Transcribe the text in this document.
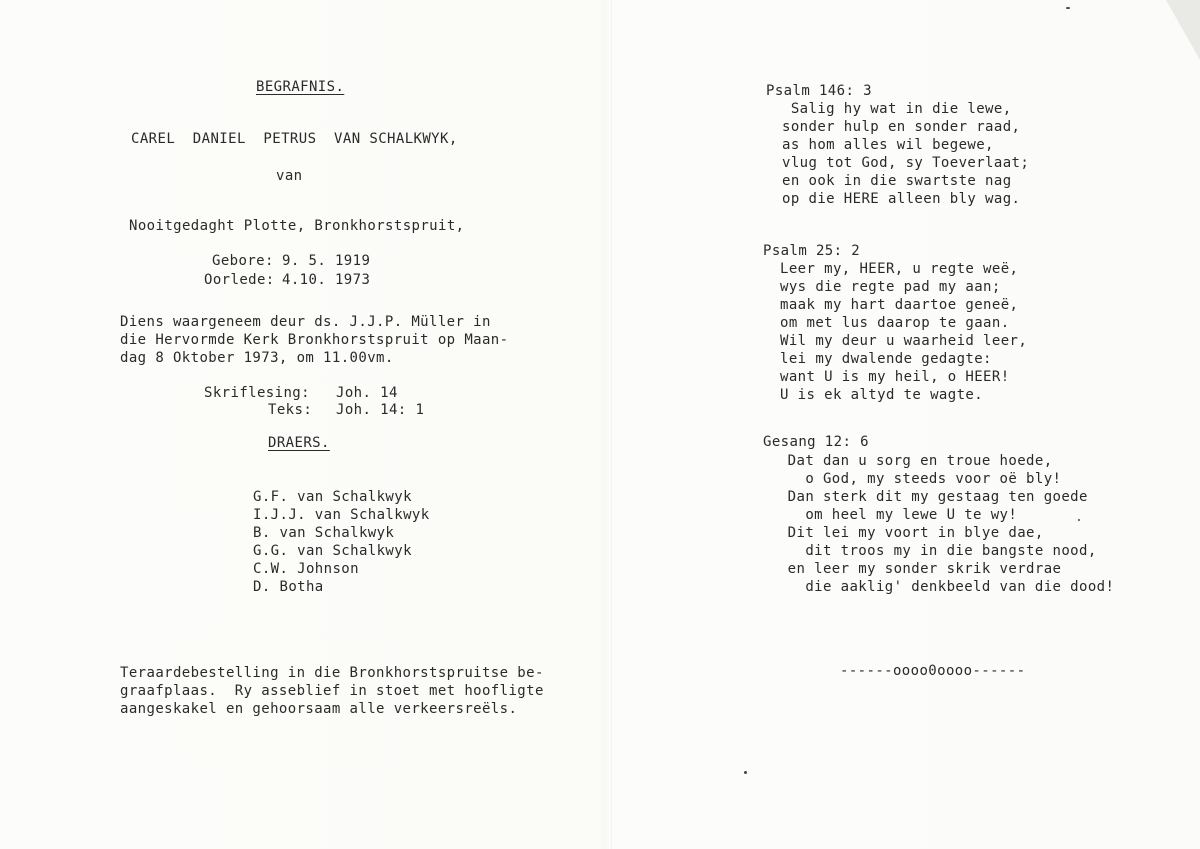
BEGRAFNIS.
CAREL  DANIEL  PETRUS  VAN SCHALKWYK,
van
Nooitgedaght Plotte, Bronkhorstspruit,
Gebore: 9. 5. 1919
Oorlede: 4.10. 1973
Diens waargeneem deur ds. J.J.P. Müller in
die Hervormde Kerk Bronkhorstspruit op Maan-
dag 8 Oktober 1973, om 11.00vm.
Skriflesing: Joh. 14
Teks: Joh. 14: 1
DRAERS.
G.F. van Schalkwyk
I.J.J. van Schalkwyk
B. van Schalkwyk
G.G. van Schalkwyk
C.W. Johnson
D. Botha
Teraardebestelling in die Bronkhorstspruitse be-
graafplaas.  Ry asseblief in stoet met hoofligte
aangeskakel en gehoorsaam alle verkeersreëls.
Psalm 146: 3
Salig hy wat in die lewe,
sonder hulp en sonder raad,
as hom alles wil begewe,
vlug tot God, sy Toeverlaat;
en ook in die swartste nag
op die HERE alleen bly wag.
Psalm 25: 2
Leer my, HEER, u regte weë,
wys die regte pad my aan;
maak my hart daartoe geneë,
om met lus daarop te gaan.
Wil my deur u waarheid leer,
lei my dwalende gedagte:
want U is my heil, o HEER!
U is ek altyd te wagte.
Gesang 12: 6
Dat dan u sorg en troue hoede,
o God, my steeds voor oë bly!
Dan sterk dit my gestaag ten goede
om heel my lewe U te wy!
Dit lei my voort in blye dae,
dit troos my in die bangste nood,
en leer my sonder skrik verdrae
die aaklig' denkbeeld van die dood!
------oooo0oooo------
